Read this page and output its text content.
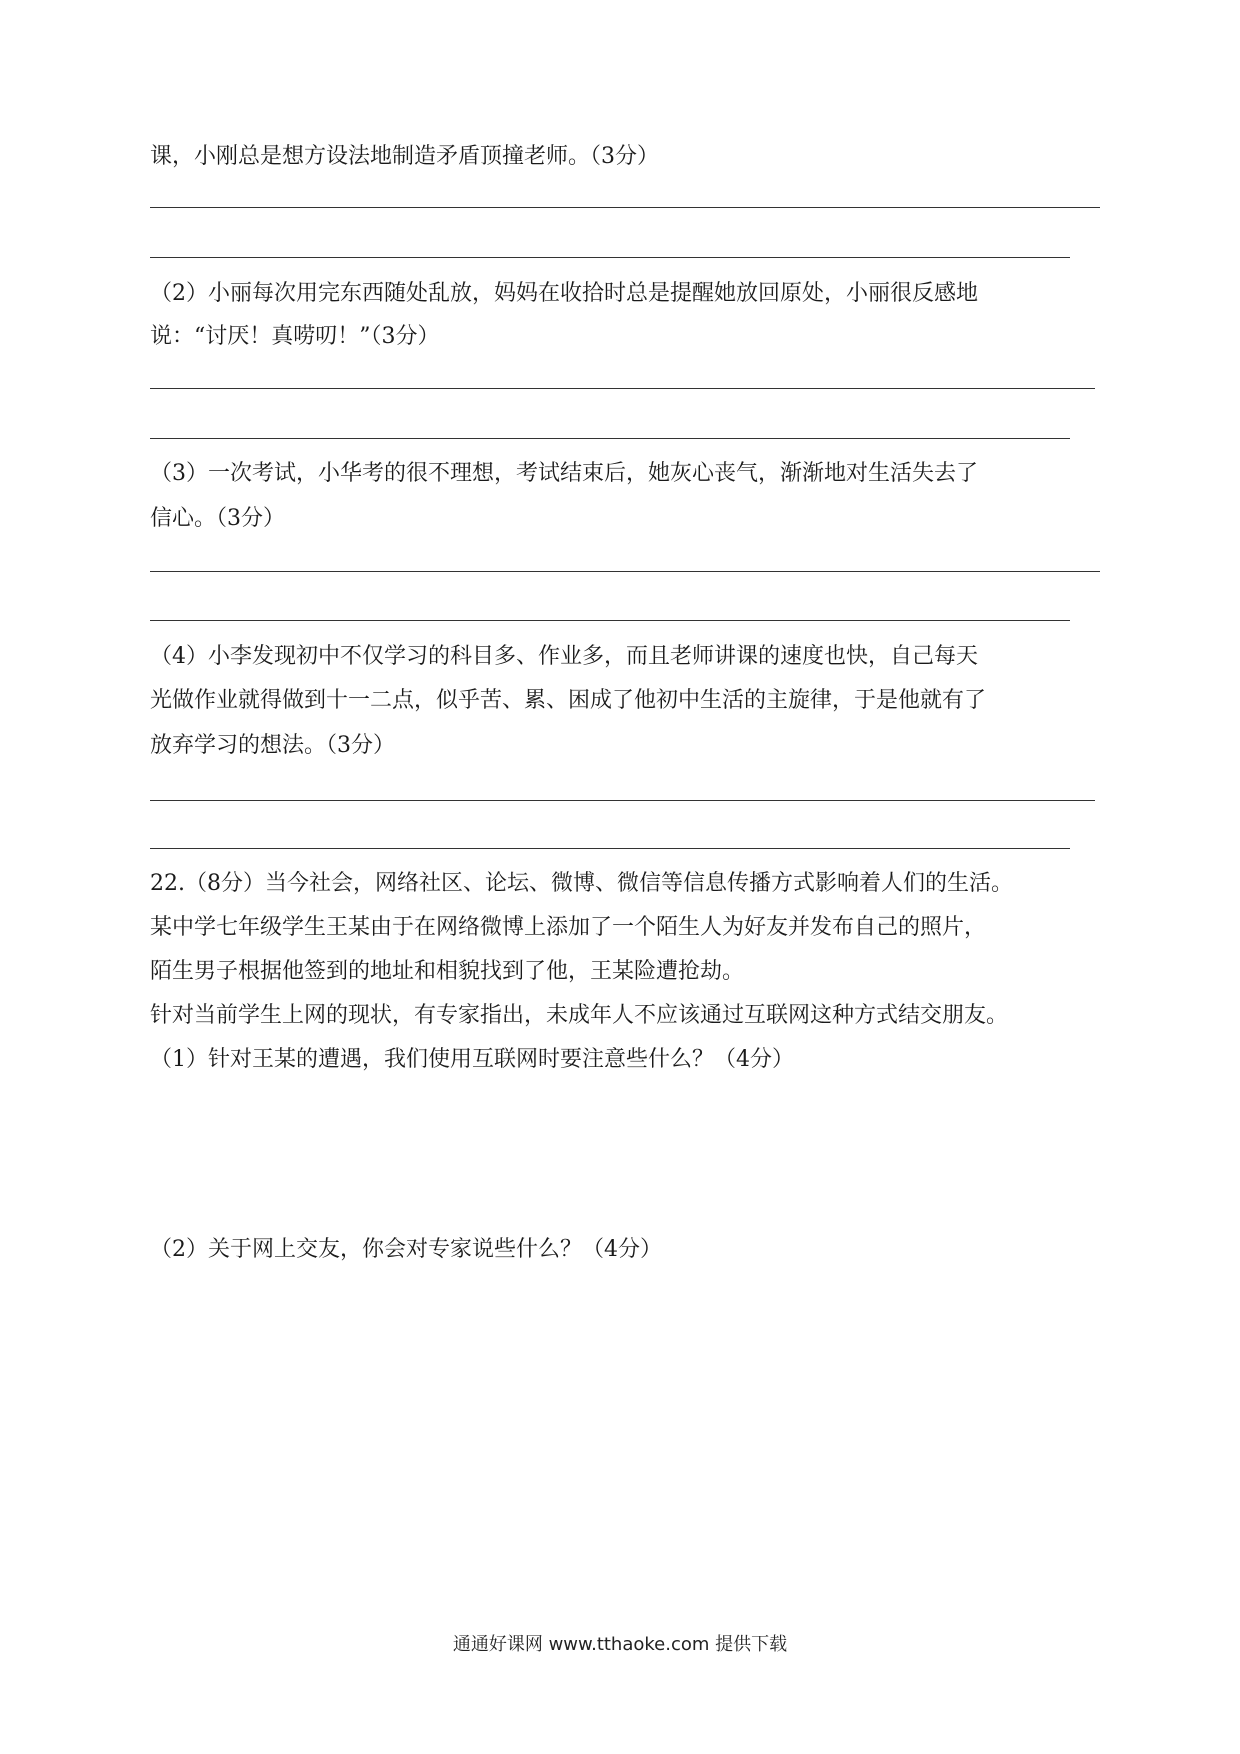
课，小刚总是想方设法地制造矛盾顶撞老师。（3分）
（2）小丽每次用完东西随处乱放，妈妈在收拾时总是提醒她放回原处，小丽很反感地
说：“讨厌！真唠叨！”（3分）
（3）一次考试，小华考的很不理想，考试结束后，她灰心丧气，渐渐地对生活失去了
信心。（3分）
（4）小李发现初中不仅学习的科目多、作业多，而且老师讲课的速度也快，自己每天
光做作业就得做到十一二点，似乎苦、累、困成了他初中生活的主旋律，于是他就有了
放弃学习的想法。（3分）
22.（8分）当今社会，网络社区、论坛、微博、微信等信息传播方式影响着人们的生活。
某中学七年级学生王某由于在网络微博上添加了一个陌生人为好友并发布自己的照片，
陌生男子根据他签到的地址和相貌找到了他，王某险遭抢劫。
针对当前学生上网的现状，有专家指出，未成年人不应该通过互联网这种方式结交朋友。
（1）针对王某的遭遇，我们使用互联网时要注意些什么？（4分）
（2）关于网上交友，你会对专家说些什么？（4分）
通通好课网 www.tthaoke.com 提供下载
